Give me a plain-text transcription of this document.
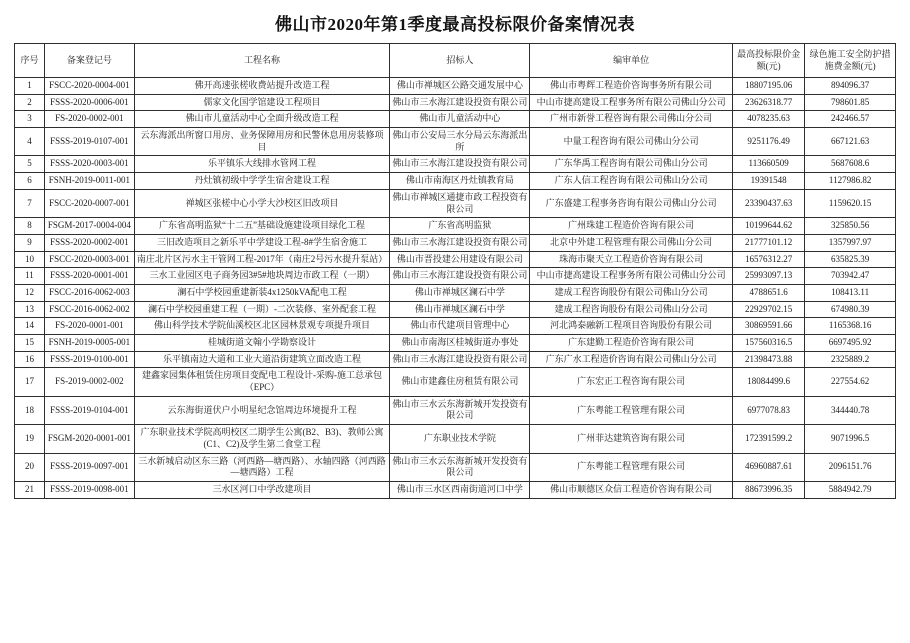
佛山市2020年第1季度最高投标限价备案情况表
序号	备案登记号	工程名称	招标人	编审单位	最高投标限价金额(元)	绿色施工安全防护措施费金额(元)
1	FSCC-2020-0004-001	佛开高速张槎收费站提升改造工程	佛山市禅城区公路交通发展中心	佛山市粤辉工程造价咨询事务所有限公司	18807195.06	894096.37
2	FSSS-2020-0006-001	儒家文化国学馆建设工程项目	佛山市三水海江建设投资有限公司	中山市捷高建设工程事务所有限公司佛山分公司	23626318.77	798601.85
3	FS-2020-0002-001	佛山市儿童活动中心全面升级改造工程	佛山市儿童活动中心	广州市新誉工程咨询有限公司佛山分公司	4078235.63	242466.57
4	FSSS-2019-0107-001	云东海派出所窗口用房、业务保障用房和民警休息用房装修项目	佛山市公安局三水分局云东海派出所	中量工程咨询有限公司佛山分公司	9251176.49	667121.63
5	FSSS-2020-0003-001	乐平镇乐大线排水管网工程	佛山市三水海江建设投资有限公司	广东华禹工程咨询有限公司佛山分公司	113660509	5687608.6
6	FSNH-2019-0011-001	丹灶镇初级中学学生宿舍建设工程	佛山市南海区丹灶镇教育局	广东人信工程咨询有限公司佛山分公司	19391548	1127986.82
7	FSCC-2020-0007-001	禅城区张槎中心小学大沙校区旧改项目	佛山市禅城区通捷市政工程投资有限公司	广东盛建工程事务咨询有限公司佛山分公司	23390437.63	1159620.15
8	FSGM-2017-0004-004	广东省高明监狱“十二五”基础设施建设项目绿化工程	广东省高明监狱	广州珠建工程造价咨询有限公司	10199644.62	325850.56
9	FSSS-2020-0002-001	三旧改造项目之新乐平中学建设工程-8#学生宿舍施工	佛山市三水海江建设投资有限公司	北京中外建工程管理有限公司佛山分公司	21777101.12	1357997.97
10	FSCC-2020-0003-001	南庄北片区污水主干管网工程-2017年（南庄2号污水提升泵站）	佛山市晋投建公用建设有限公司	珠海市聚天立工程造价咨询有限公司	16576312.27	635825.39
11	FSSS-2020-0001-001	三水工业园区电子商务园3#5#地块周边市政工程（一期）	佛山市三水海江建设投资有限公司	中山市捷高建设工程事务所有限公司佛山分公司	25993097.13	703942.47
12	FSCC-2016-0062-003	澜石中学校园重建新装4x1250kVA配电工程	佛山市禅城区澜石中学	建成工程咨询股份有限公司佛山分公司	4788651.6	108413.11
13	FSCC-2016-0062-002	澜石中学校园重建工程（一期）-二次装修、室外配套工程	佛山市禅城区澜石中学	建成工程咨询股份有限公司佛山分公司	22929702.15	674980.39
14	FS-2020-0001-001	佛山科学技术学院仙溪校区北区园林景观专项提升项目	佛山市代建项目管理中心	河北鸿泰融新工程项目咨询股份有限公司	30869591.66	1165368.16
15	FSNH-2019-0005-001	桂城街道文翰小学勘察设计	佛山市南海区桂城街道办事处	广东建勤工程造价咨询有限公司	157560316.5	6697495.92
16	FSSS-2019-0100-001	乐平镇南边大道和工业大道沿街建筑立面改造工程	佛山市三水海江建设投资有限公司	广东广水工程造价咨询有限公司佛山分公司	21398473.88	2325889.2
17	FS-2019-0002-002	建鑫家园集体租赁住房项目变配电工程设计-采购-施工总承包（EPC）	佛山市建鑫住房租赁有限公司	广东宏正工程咨询有限公司	18084499.6	227554.62
18	FSSS-2019-0104-001	云东海街道伏户小明星纪念馆周边环境提升工程	佛山市三水云东海新城开发投资有限公司	广东粤能工程管理有限公司	6977078.83	344440.78
19	FSGM-2020-0001-001	广东职业技术学院高明校区二期学生公寓(B2、B3)、教师公寓(C1、C2)及学生第二食堂工程	广东职业技术学院	广州菲达建筑咨询有限公司	172391599.2	9071996.5
20	FSSS-2019-0097-001	三水新城启动区东三路（河西路—塘西路）、水轴四路（河西路—塘西路）工程	佛山市三水云东海新城开发投资有限公司	广东粤能工程管理有限公司	46960887.61	2096151.76
21	FSSS-2019-0098-001	三水区河口中学改建项目	佛山市三水区西南街道河口中学	佛山市顺德区众信工程造价咨询有限公司	88673996.35	5884942.79
